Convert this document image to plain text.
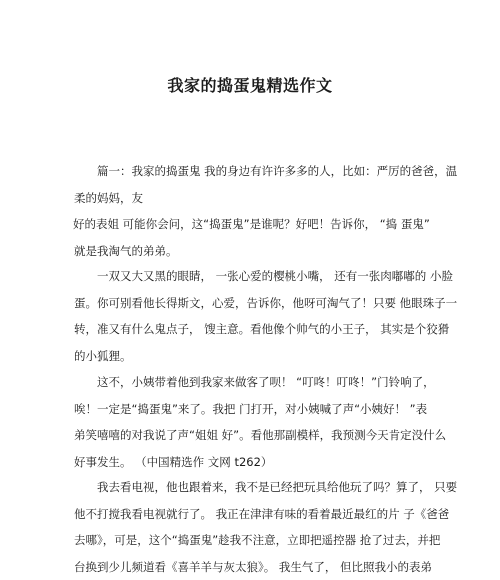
我家的捣蛋鬼精选作文
篇一：我家的捣蛋鬼 我的身边有许许多多的人，比如：严厉的爸爸，温
柔的妈妈，友
好的表姐 可能你会问，这“捣蛋鬼”是谁呢？好吧！告诉你， “捣 蛋鬼”
就是我淘气的弟弟。
一双又大又黑的眼睛， 一张心爱的樱桃小嘴， 还有一张肉嘟嘟的 小脸
蛋。你可别看他长得斯文，心爱，告诉你，他呀可淘气了！只要 他眼珠子一
转，准又有什么鬼点子， 馊主意。看他像个帅气的小王子， 其实是个狡猾
的小狐狸。
这不，小姨带着他到我家来做客了呗！ “叮咚！叮咚！”门铃响了，
唉！一定是“捣蛋鬼”来了。我把 门打开，对小姨喊了声“小姨好！ ”表
弟笑嘻嘻的对我说了声“姐姐 好”。看他那副模样，我预测今天肯定没什么
好事发生。 （中国精选作 文网 t262）
我去看电视，他也跟着来，我不是已经把玩具给他玩了吗？算了， 只要
他不打搅我看电视就行了。 我正在津津有味的看着最近最红的片 子《爸爸
去哪》，可是，这个“捣蛋鬼”趁我不注意，立即把遥控器 抢了过去，并把
台换到少儿频道看《喜羊羊与灰太狼》。 我生气了， 但比照我小的表弟
